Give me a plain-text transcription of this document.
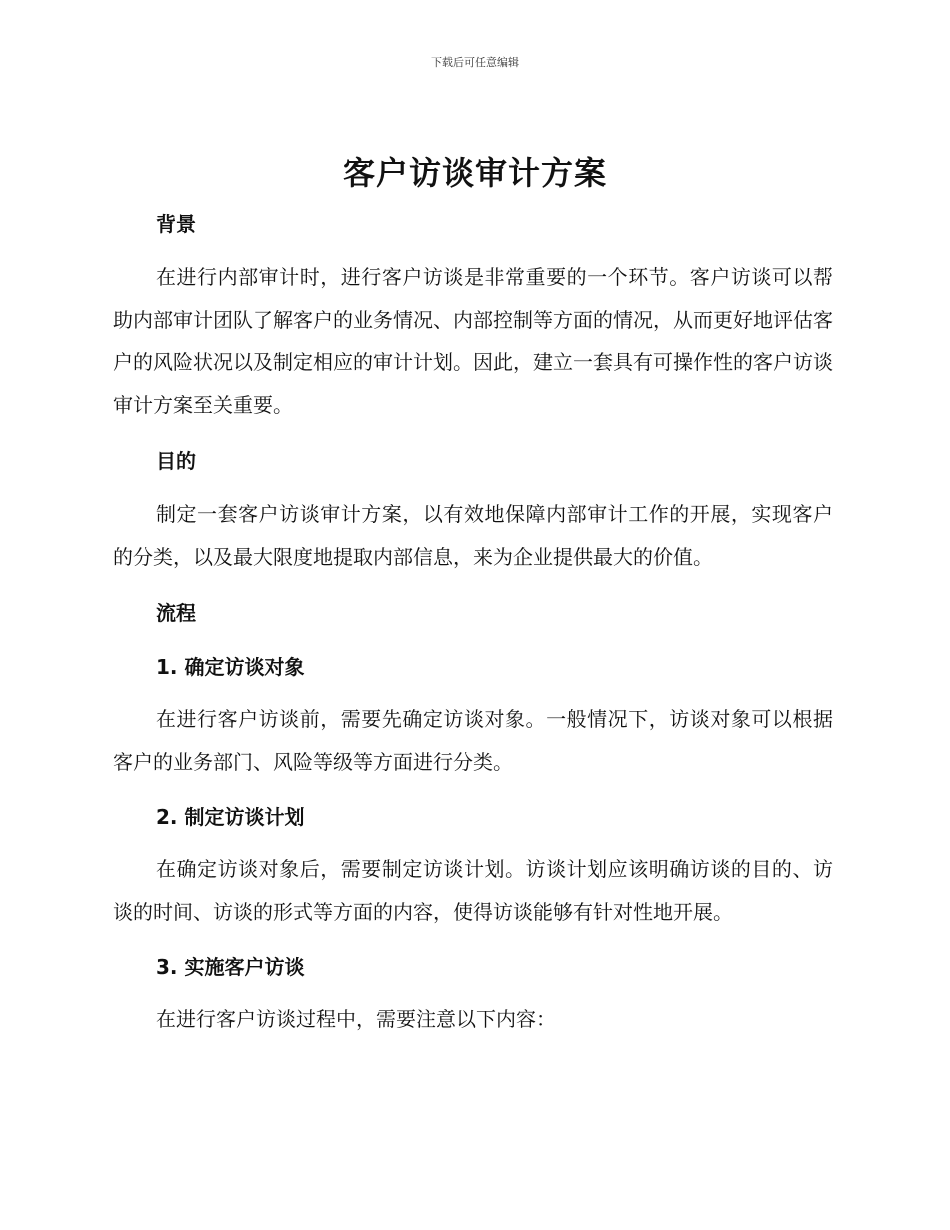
下载后可任意编辑
客户访谈审计方案

背景

在进行内部审计时，进行客户访谈是非常重要的一个环节。客户访谈可以帮助内部审计团队了解客户的业务情况、内部控制等方面的情况，从而更好地评估客户的风险状况以及制定相应的审计计划。因此，建立一套具有可操作性的客户访谈审计方案至关重要。

目的

制定一套客户访谈审计方案，以有效地保障内部审计工作的开展，实现客户的分类，以及最大限度地提取内部信息，来为企业提供最大的价值。

流程

1. 确定访谈对象

在进行客户访谈前，需要先确定访谈对象。一般情况下，访谈对象可以根据客户的业务部门、风险等级等方面进行分类。

2. 制定访谈计划

在确定访谈对象后，需要制定访谈计划。访谈计划应该明确访谈的目的、访谈的时间、访谈的形式等方面的内容，使得访谈能够有针对性地开展。

3. 实施客户访谈

在进行客户访谈过程中，需要注意以下内容：
